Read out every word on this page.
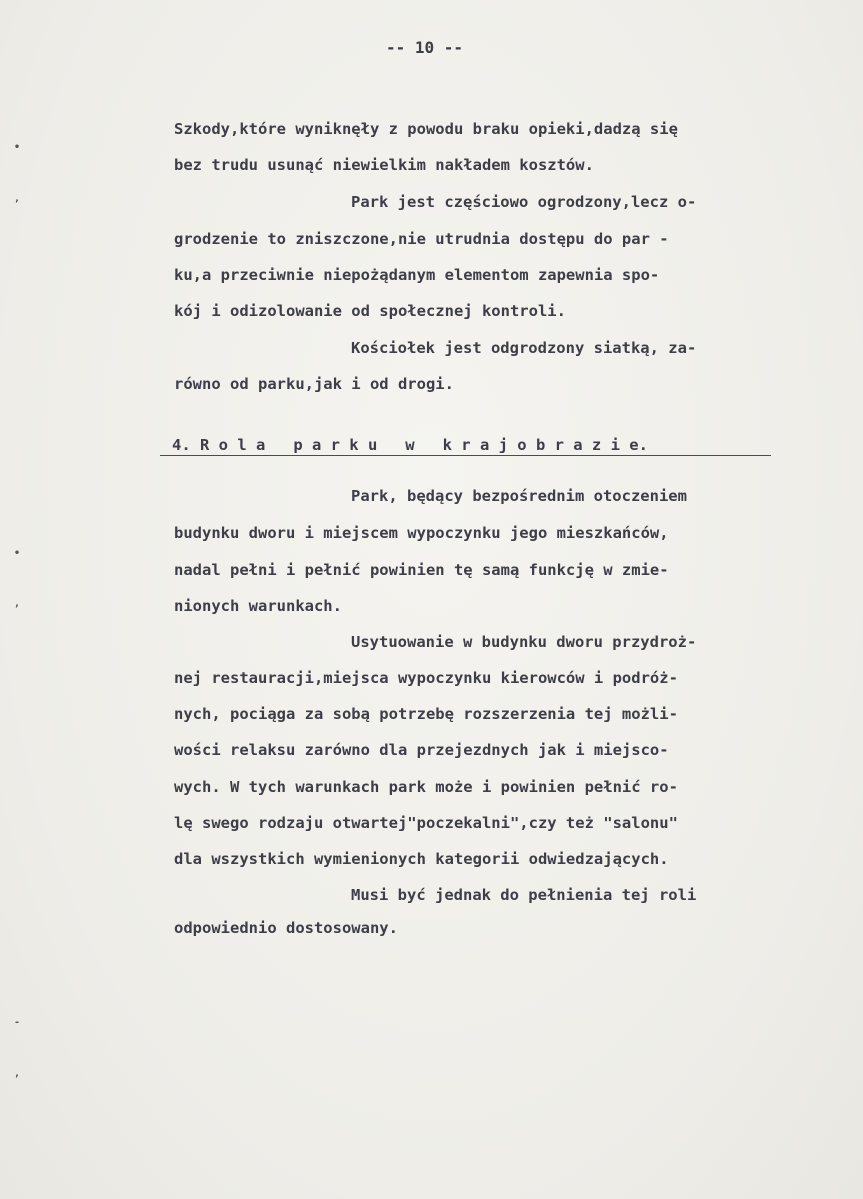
-- 10 --
Szkody,które wyniknęły z powodu braku opieki,dadzą się
bez trudu usunąć niewielkim nakładem kosztów.
Park jest częściowo ogrodzony,lecz o-
grodzenie to zniszczone,nie utrudnia dostępu do par -
ku,a przeciwnie niepożądanym elementom zapewnia spo-
kój i odizolowanie od społecznej kontroli.
Kościołek jest odgrodzony siatką, za-
równo od parku,jak i od drogi.
4. R o l a   p a r k u   w   k r a j o b r a z i e.
Park, będący bezpośrednim otoczeniem
budynku dworu i miejscem wypoczynku jego mieszkańców,
nadal pełni i pełnić powinien tę samą funkcję w zmie-
nionych warunkach.
Usytuowanie w budynku dworu przydroż-
nej restauracji,miejsca wypoczynku kierowców i podróż-
nych, pociąga za sobą potrzebę rozszerzenia tej możli-
wości relaksu zarówno dla przejezdnych jak i miejsco-
wych. W tych warunkach park może i powinien pełnić ro-
lę swego rodzaju otwartej"poczekalni",czy też "salonu"
dla wszystkich wymienionych kategorii odwiedzających.
Musi być jednak do pełnienia tej roli
odpowiednio dostosowany.
•
,
•
,
-
,
